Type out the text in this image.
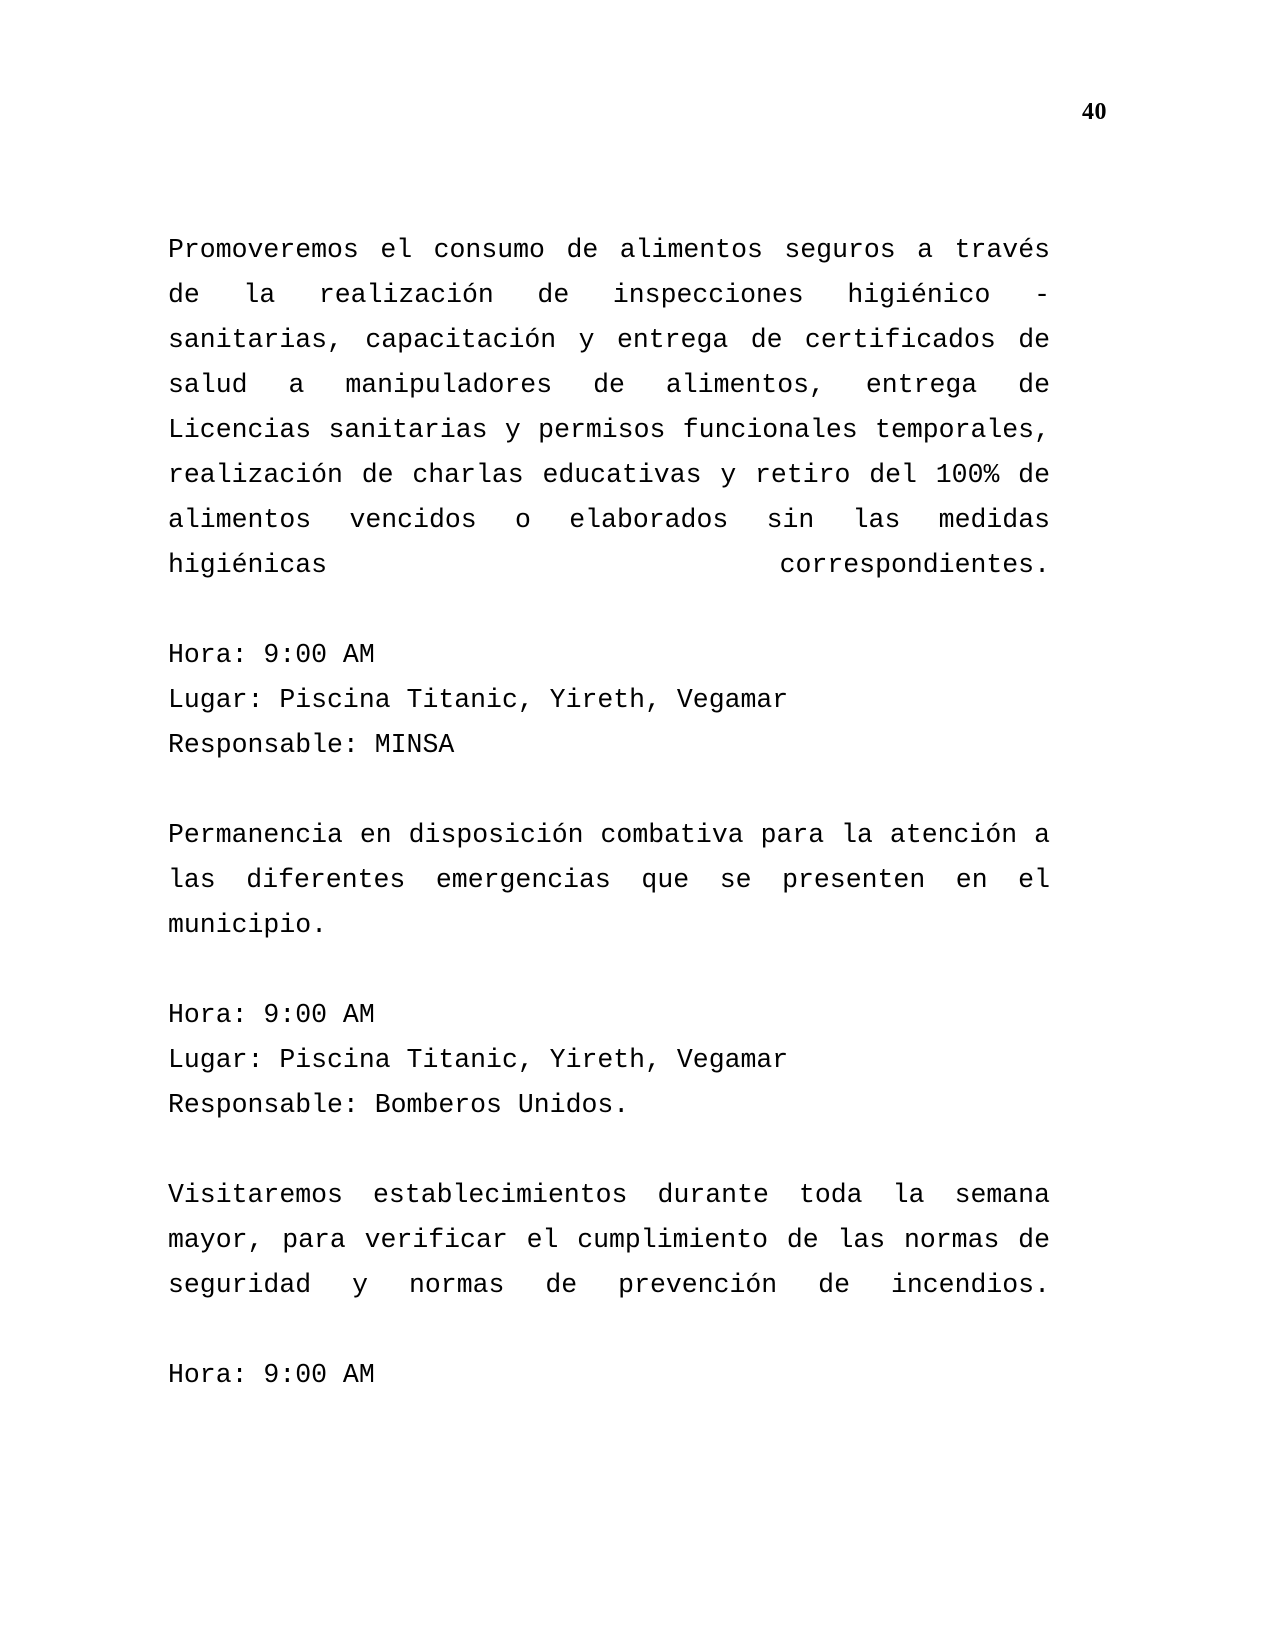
40

Promoveremos el consumo de alimentos seguros a través de la realización de inspecciones higiénico - sanitarias, capacitación y entrega de certificados de salud a manipuladores de alimentos, entrega de Licencias sanitarias y permisos funcionales temporales, realización de charlas educativas y retiro del 100% de alimentos vencidos o elaborados sin las medidas higiénicas correspondientes.

Hora: 9:00 AM
Lugar: Piscina Titanic, Yireth, Vegamar
Responsable: MINSA

Permanencia en disposición combativa para la atención a las diferentes emergencias que se presenten en el municipio.

Hora: 9:00 AM
Lugar: Piscina Titanic, Yireth, Vegamar
Responsable: Bomberos Unidos.

Visitaremos establecimientos durante toda la semana mayor, para verificar el cumplimiento de las normas de seguridad y normas de prevención de incendios.

Hora: 9:00 AM
